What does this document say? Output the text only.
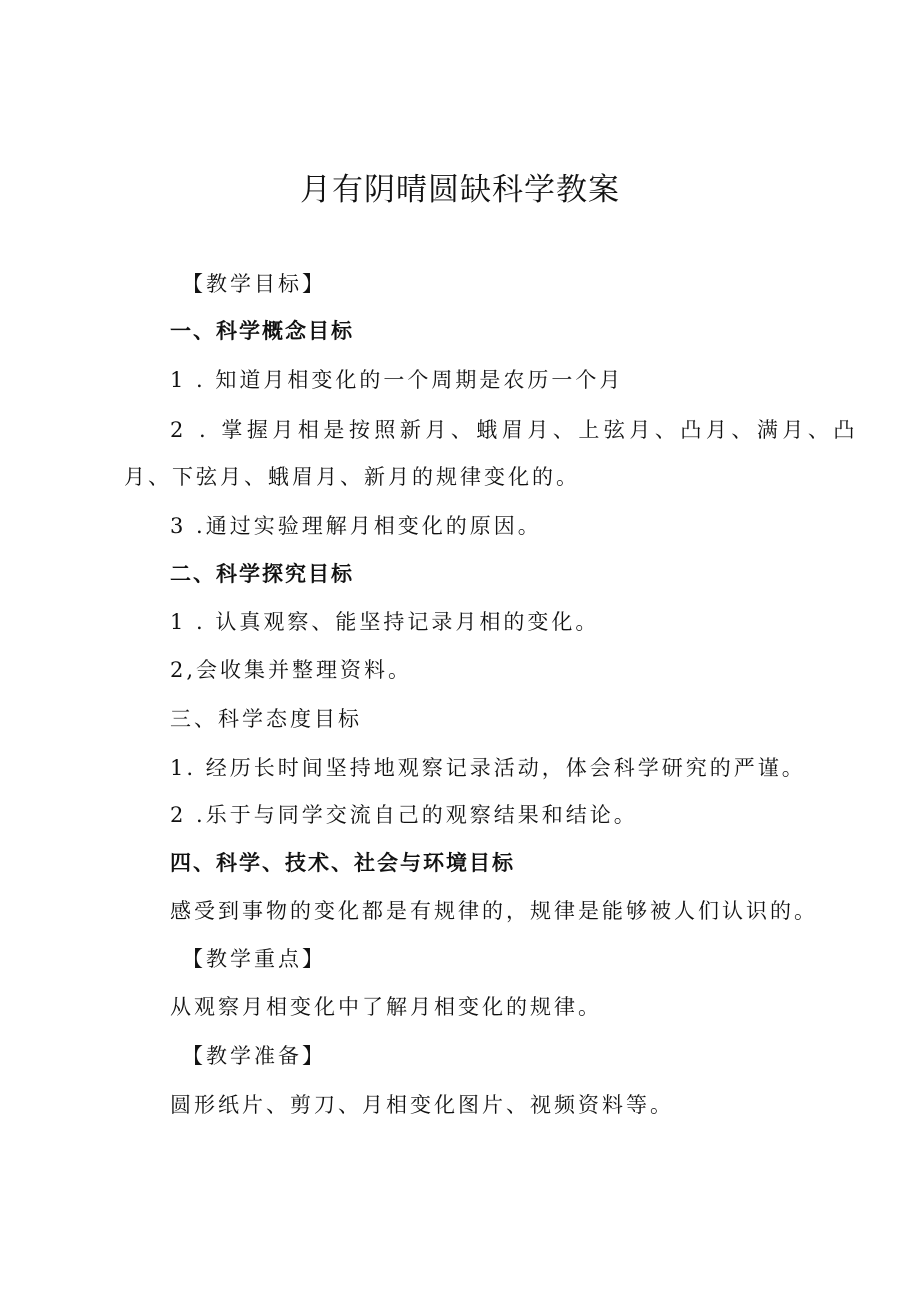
月有阴晴圆缺科学教案
【教学目标】
一、科学概念目标
1 . 知道月相变化的一个周期是农历一个月
2 . 掌握月相是按照新月、蛾眉月、上弦月、凸月、满月、凸
月、下弦月、蛾眉月、新月的规律变化的。
3 .通过实验理解月相变化的原因。
二、科学探究目标
1 . 认真观察、能坚持记录月相的变化。
2,会收集并整理资料。
三、科学态度目标
1. 经历长时间坚持地观察记录活动，体会科学研究的严谨。
2 .乐于与同学交流自己的观察结果和结论。
四、科学、技术、社会与环境目标
感受到事物的变化都是有规律的，规律是能够被人们认识的。
【教学重点】
从观察月相变化中了解月相变化的规律。
【教学准备】
圆形纸片、剪刀、月相变化图片、视频资料等。
